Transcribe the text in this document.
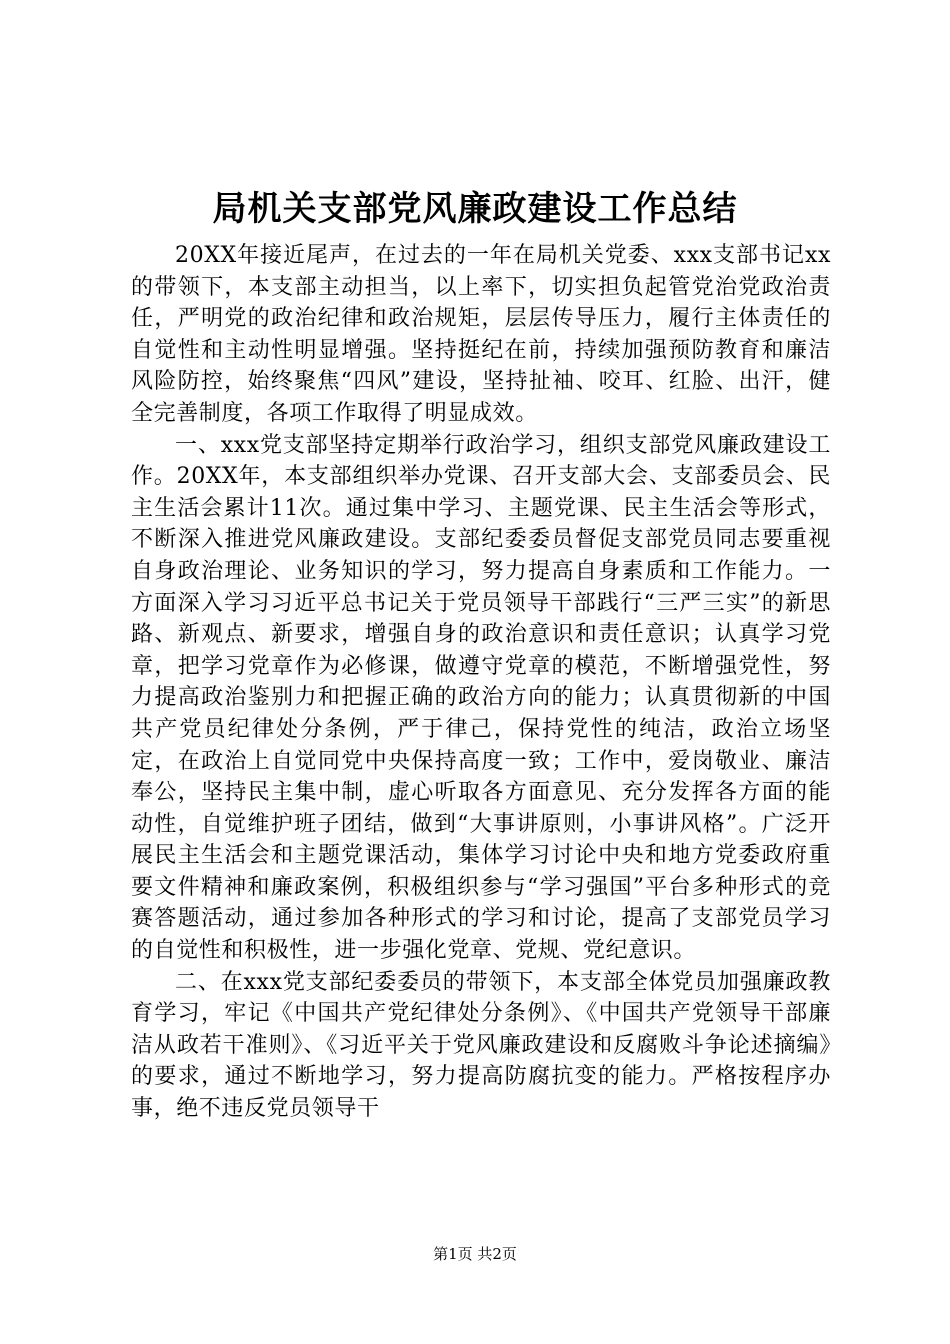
局机关支部党风廉政建设工作总结

20XX年接近尾声，在过去的一年在局机关党委、xxx支部书记xx的带领下，本支部主动担当，以上率下，切实担负起管党治党政治责任，严明党的政治纪律和政治规矩，层层传导压力，履行主体责任的自觉性和主动性明显增强。坚持挺纪在前，持续加强预防教育和廉洁风险防控，始终聚焦“四风”建设，坚持扯袖、咬耳、红脸、出汗，健全完善制度，各项工作取得了明显成效。

一、xxx党支部坚持定期举行政治学习，组织支部党风廉政建设工作。20XX年，本支部组织举办党课、召开支部大会、支部委员会、民主生活会累计11次。通过集中学习、主题党课、民主生活会等形式，不断深入推进党风廉政建设。支部纪委委员督促支部党员同志要重视自身政治理论、业务知识的学习，努力提高自身素质和工作能力。一方面深入学习习近平总书记关于党员领导干部践行“三严三实”的新思路、新观点、新要求，增强自身的政治意识和责任意识；认真学习党章，把学习党章作为必修课，做遵守党章的模范，不断增强党性，努力提高政治鉴别力和把握正确的政治方向的能力；认真贯彻新的中国共产党员纪律处分条例，严于律己，保持党性的纯洁，政治立场坚定，在政治上自觉同党中央保持高度一致；工作中，爱岗敬业、廉洁奉公，坚持民主集中制，虚心听取各方面意见、充分发挥各方面的能动性，自觉维护班子团结，做到“大事讲原则，小事讲风格”。广泛开展民主生活会和主题党课活动，集体学习讨论中央和地方党委政府重要文件精神和廉政案例，积极组织参与“学习强国”平台多种形式的竞赛答题活动，通过参加各种形式的学习和讨论，提高了支部党员学习的自觉性和积极性，进一步强化党章、党规、党纪意识。

二、在xxx党支部纪委委员的带领下，本支部全体党员加强廉政教育学习，牢记《中国共产党纪律处分条例》、《中国共产党领导干部廉洁从政若干准则》、《习近平关于党风廉政建设和反腐败斗争论述摘编》的要求，通过不断地学习，努力提高防腐抗变的能力。严格按程序办事，绝不违反党员领导干

第1页 共2页
